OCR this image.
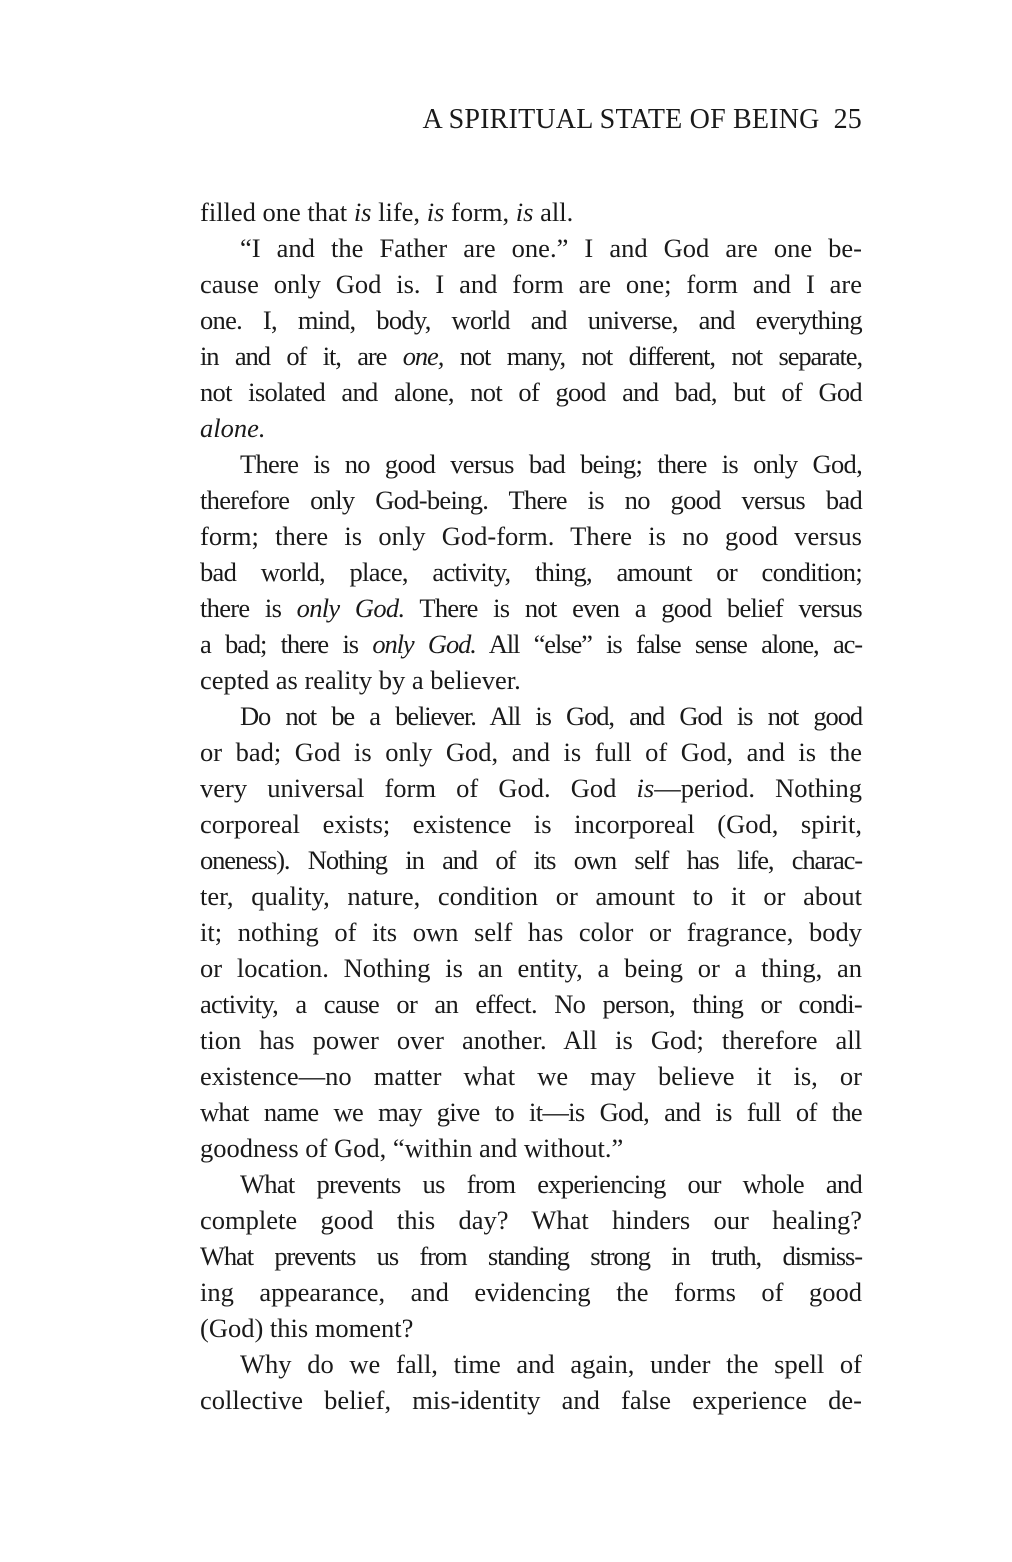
A SPIRITUAL STATE OF BEING 25
filled one that is life, is form, is all.
“I and the Father are one.” I and God are one be-
cause only God is. I and form are one; form and I are
one. I, mind, body, world and universe, and everything
in and of it, are one, not many, not different, not separate,
not isolated and alone, not of good and bad, but of God
alone.
There is no good versus bad being; there is only God,
therefore only God-being. There is no good versus bad
form; there is only God-form. There is no good versus
bad world, place, activity, thing, amount or condition;
there is only God. There is not even a good belief versus
a bad; there is only God. All “else” is false sense alone, ac-
cepted as reality by a believer.
Do not be a believer. All is God, and God is not good
or bad; God is only God, and is full of God, and is the
very universal form of God. God is—period. Nothing
corporeal exists; existence is incorporeal (God, spirit,
oneness). Nothing in and of its own self has life, charac-
ter, quality, nature, condition or amount to it or about
it; nothing of its own self has color or fragrance, body
or location. Nothing is an entity, a being or a thing, an
activity, a cause or an effect. No person, thing or condi-
tion has power over another. All is God; therefore all
existence—no matter what we may believe it is, or
what name we may give to it—is God, and is full of the
goodness of God, “within and without.”
What prevents us from experiencing our whole and
complete good this day? What hinders our healing?
What prevents us from standing strong in truth, dismiss-
ing appearance, and evidencing the forms of good
(God) this moment?
Why do we fall, time and again, under the spell of
collective belief, mis-identity and false experience de-
